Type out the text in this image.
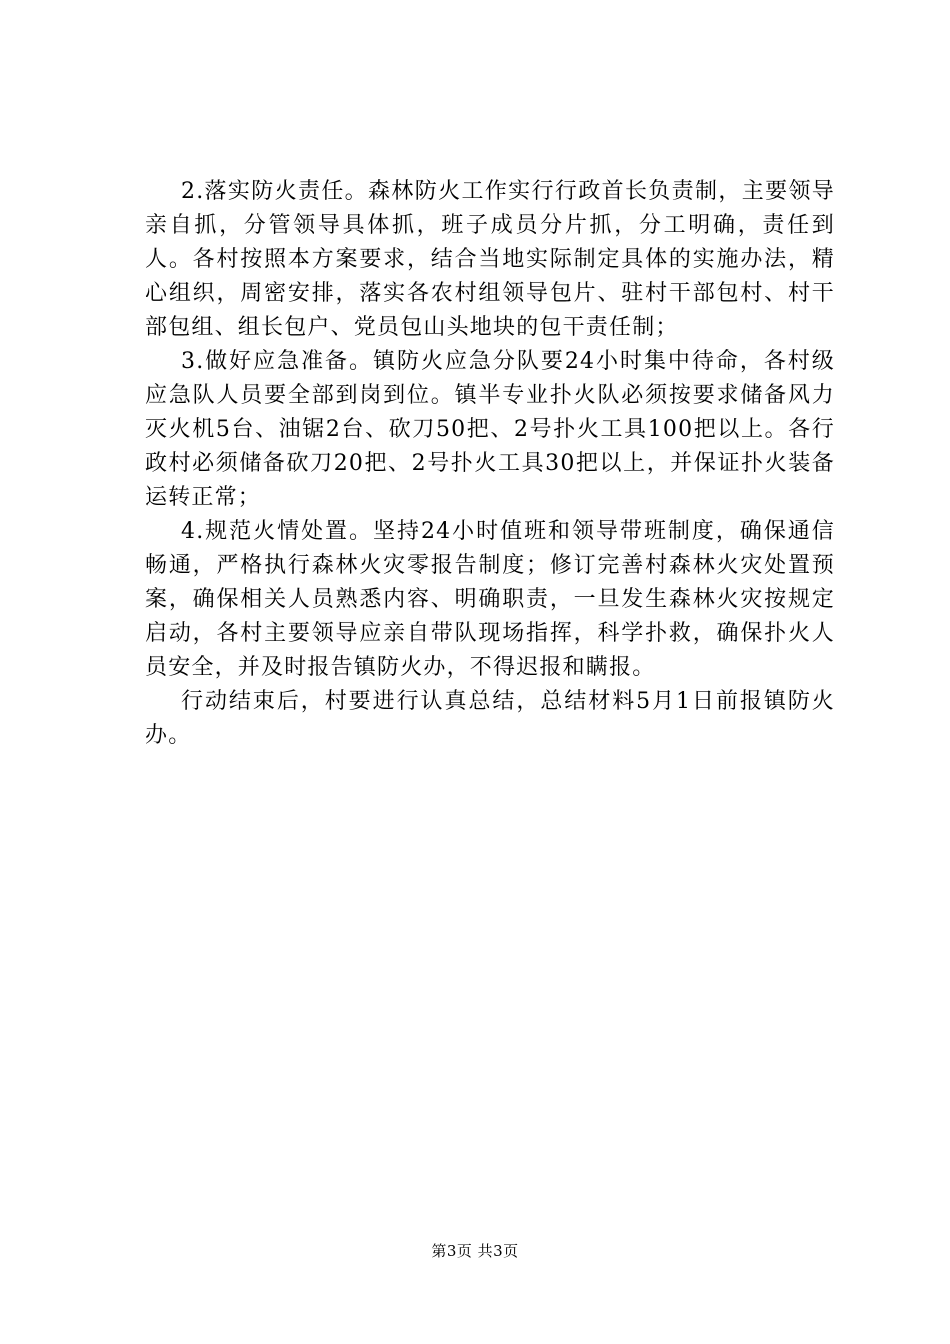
2.落实防火责任。森林防火工作实行行政首长负责制，主要领导亲自抓，分管领导具体抓，班子成员分片抓，分工明确，责任到人。各村按照本方案要求，结合当地实际制定具体的实施办法，精心组织，周密安排，落实各农村组领导包片、驻村干部包村、村干部包组、组长包户、党员包山头地块的包干责任制；

3.做好应急准备。镇防火应急分队要24小时集中待命，各村级应急队人员要全部到岗到位。镇半专业扑火队必须按要求储备风力灭火机5台、油锯2台、砍刀50把、2号扑火工具100把以上。各行政村必须储备砍刀20把、2号扑火工具30把以上，并保证扑火装备运转正常；

4.规范火情处置。坚持24小时值班和领导带班制度，确保通信畅通，严格执行森林火灾零报告制度；修订完善村森林火灾处置预案，确保相关人员熟悉内容、明确职责，一旦发生森林火灾按规定启动，各村主要领导应亲自带队现场指挥，科学扑救，确保扑火人员安全，并及时报告镇防火办，不得迟报和瞒报。

行动结束后，村要进行认真总结，总结材料5月1日前报镇防火办。

第3页 共3页
